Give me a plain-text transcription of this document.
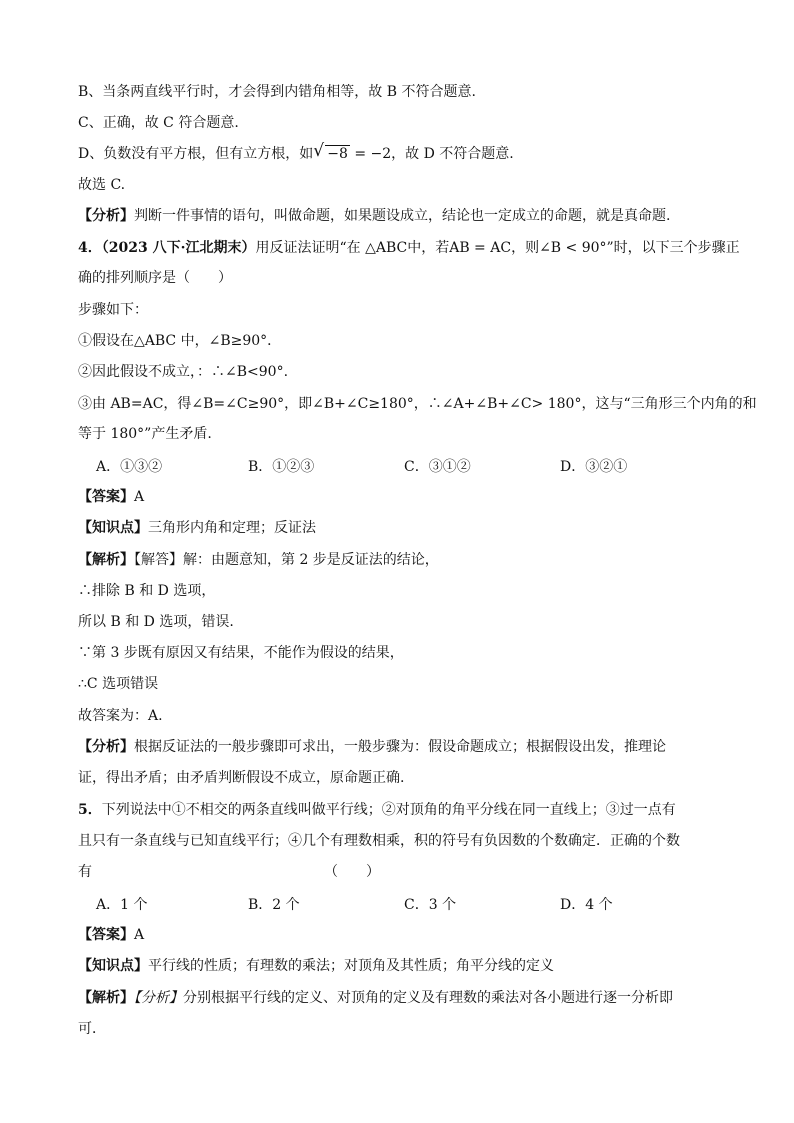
B、当条两直线平行时，才会得到内错角相等，故 B 不符合题意.
C、正确，故 C 符合题意.
D、负数没有平方根，但有立方根，如 √ −8 = −2，故 D 不符合题意.
故选 C.
【分析】判断一件事情的语句，叫做命题，如果题设成立，结论也一定成立的命题，就是真命题.
4．（2023 八下·江北期末）用反证法证明“在 △ABC中，若AB = AC，则∠B < 90°”时，以下三个步骤正
确的排列顺序是（　　）
步骤如下：
①假设在△ABC 中，∠B≥90°．
②因此假设不成立，：∴∠B<90°.
③由 AB=AC，得∠B=∠C≥90°，即∠B+∠C≥180°，∴∠A+∠B+∠C> 180°，这与“三角形三个内角的和
等于 180°”产生矛盾.
A．①③②	B．①②③	C．③①②	D．③②①
【答案】A
【知识点】三角形内角和定理；反证法
【解析】【解答】解：由题意知，第 2 步是反证法的结论，
∴排除 B 和 D 选项，
所以 B 和 D 选项，错误.
∵第 3 步既有原因又有结果，不能作为假设的结果，
∴C 选项错误
故答案为：A.
【分析】根据反证法的一般步骤即可求出，一般步骤为：假设命题成立；根据假设出发，推理论
证，得出矛盾；由矛盾判断假设不成立，原命题正确.
5．下列说法中①不相交的两条直线叫做平行线；②对顶角的角平分线在同一直线上；③过一点有
且只有一条直线与已知直线平行；④几个有理数相乘，积的符号有负因数的个数确定．正确的个数
有	（　　）
A．1 个	B．2 个	C．3 个	D．4 个
【答案】A
【知识点】平行线的性质；有理数的乘法；对顶角及其性质；角平分线的定义
【解析】【分析】分别根据平行线的定义、对顶角的定义及有理数的乘法对各小题进行逐一分析即
可．
